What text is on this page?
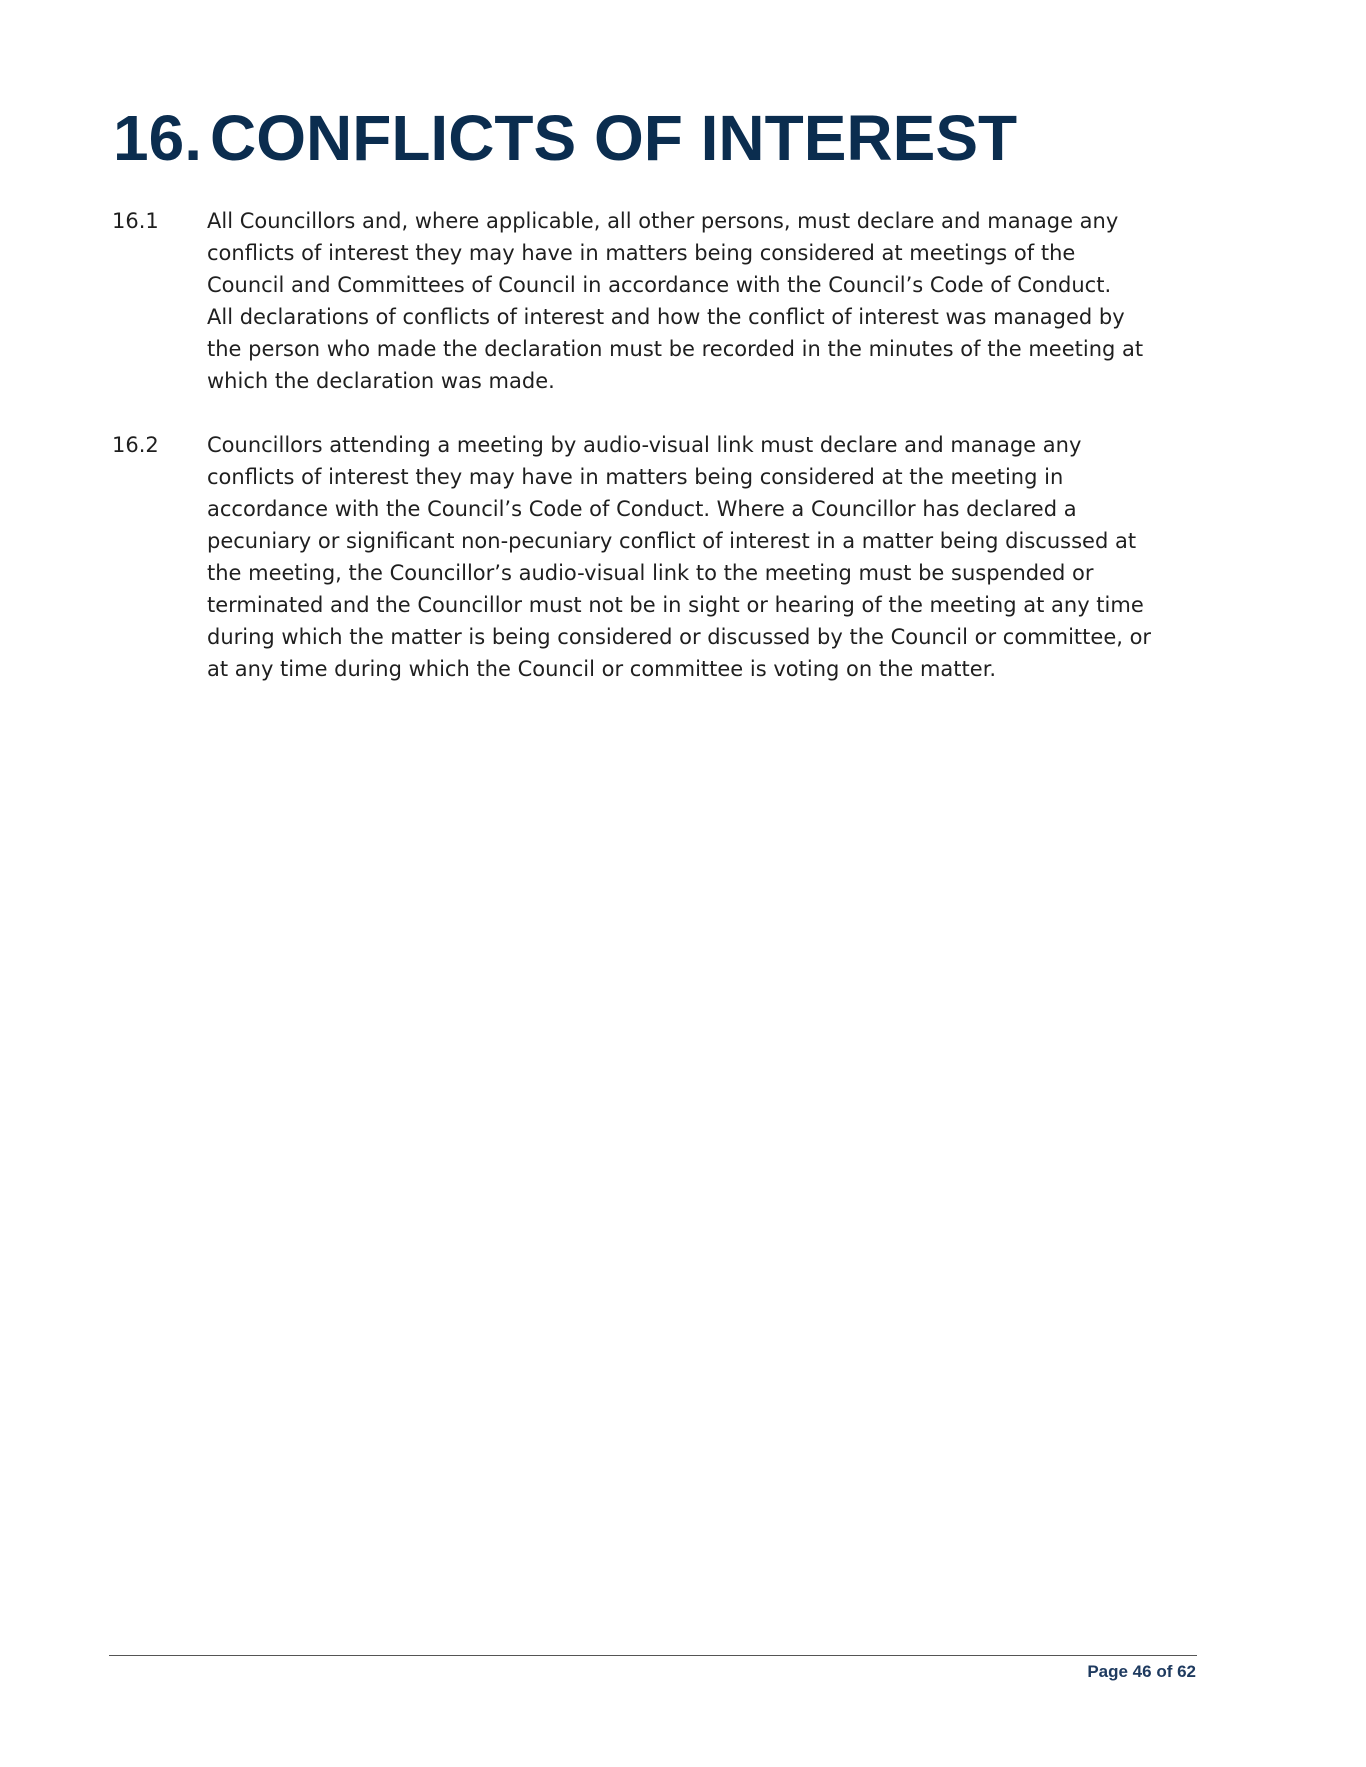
16. CONFLICTS OF INTEREST
16.1 All Councillors and, where applicable, all other persons, must declare and manage any
conflicts of interest they may have in matters being considered at meetings of the
Council and Committees of Council in accordance with the Council’s Code of Conduct.
All declarations of conflicts of interest and how the conflict of interest was managed by
the person who made the declaration must be recorded in the minutes of the meeting at
which the declaration was made.
16.2 Councillors attending a meeting by audio-visual link must declare and manage any
conflicts of interest they may have in matters being considered at the meeting in
accordance with the Council’s Code of Conduct. Where a Councillor has declared a
pecuniary or significant non-pecuniary conflict of interest in a matter being discussed at
the meeting, the Councillor’s audio-visual link to the meeting must be suspended or
terminated and the Councillor must not be in sight or hearing of the meeting at any time
during which the matter is being considered or discussed by the Council or committee, or
at any time during which the Council or committee is voting on the matter.
Page 46 of 62
